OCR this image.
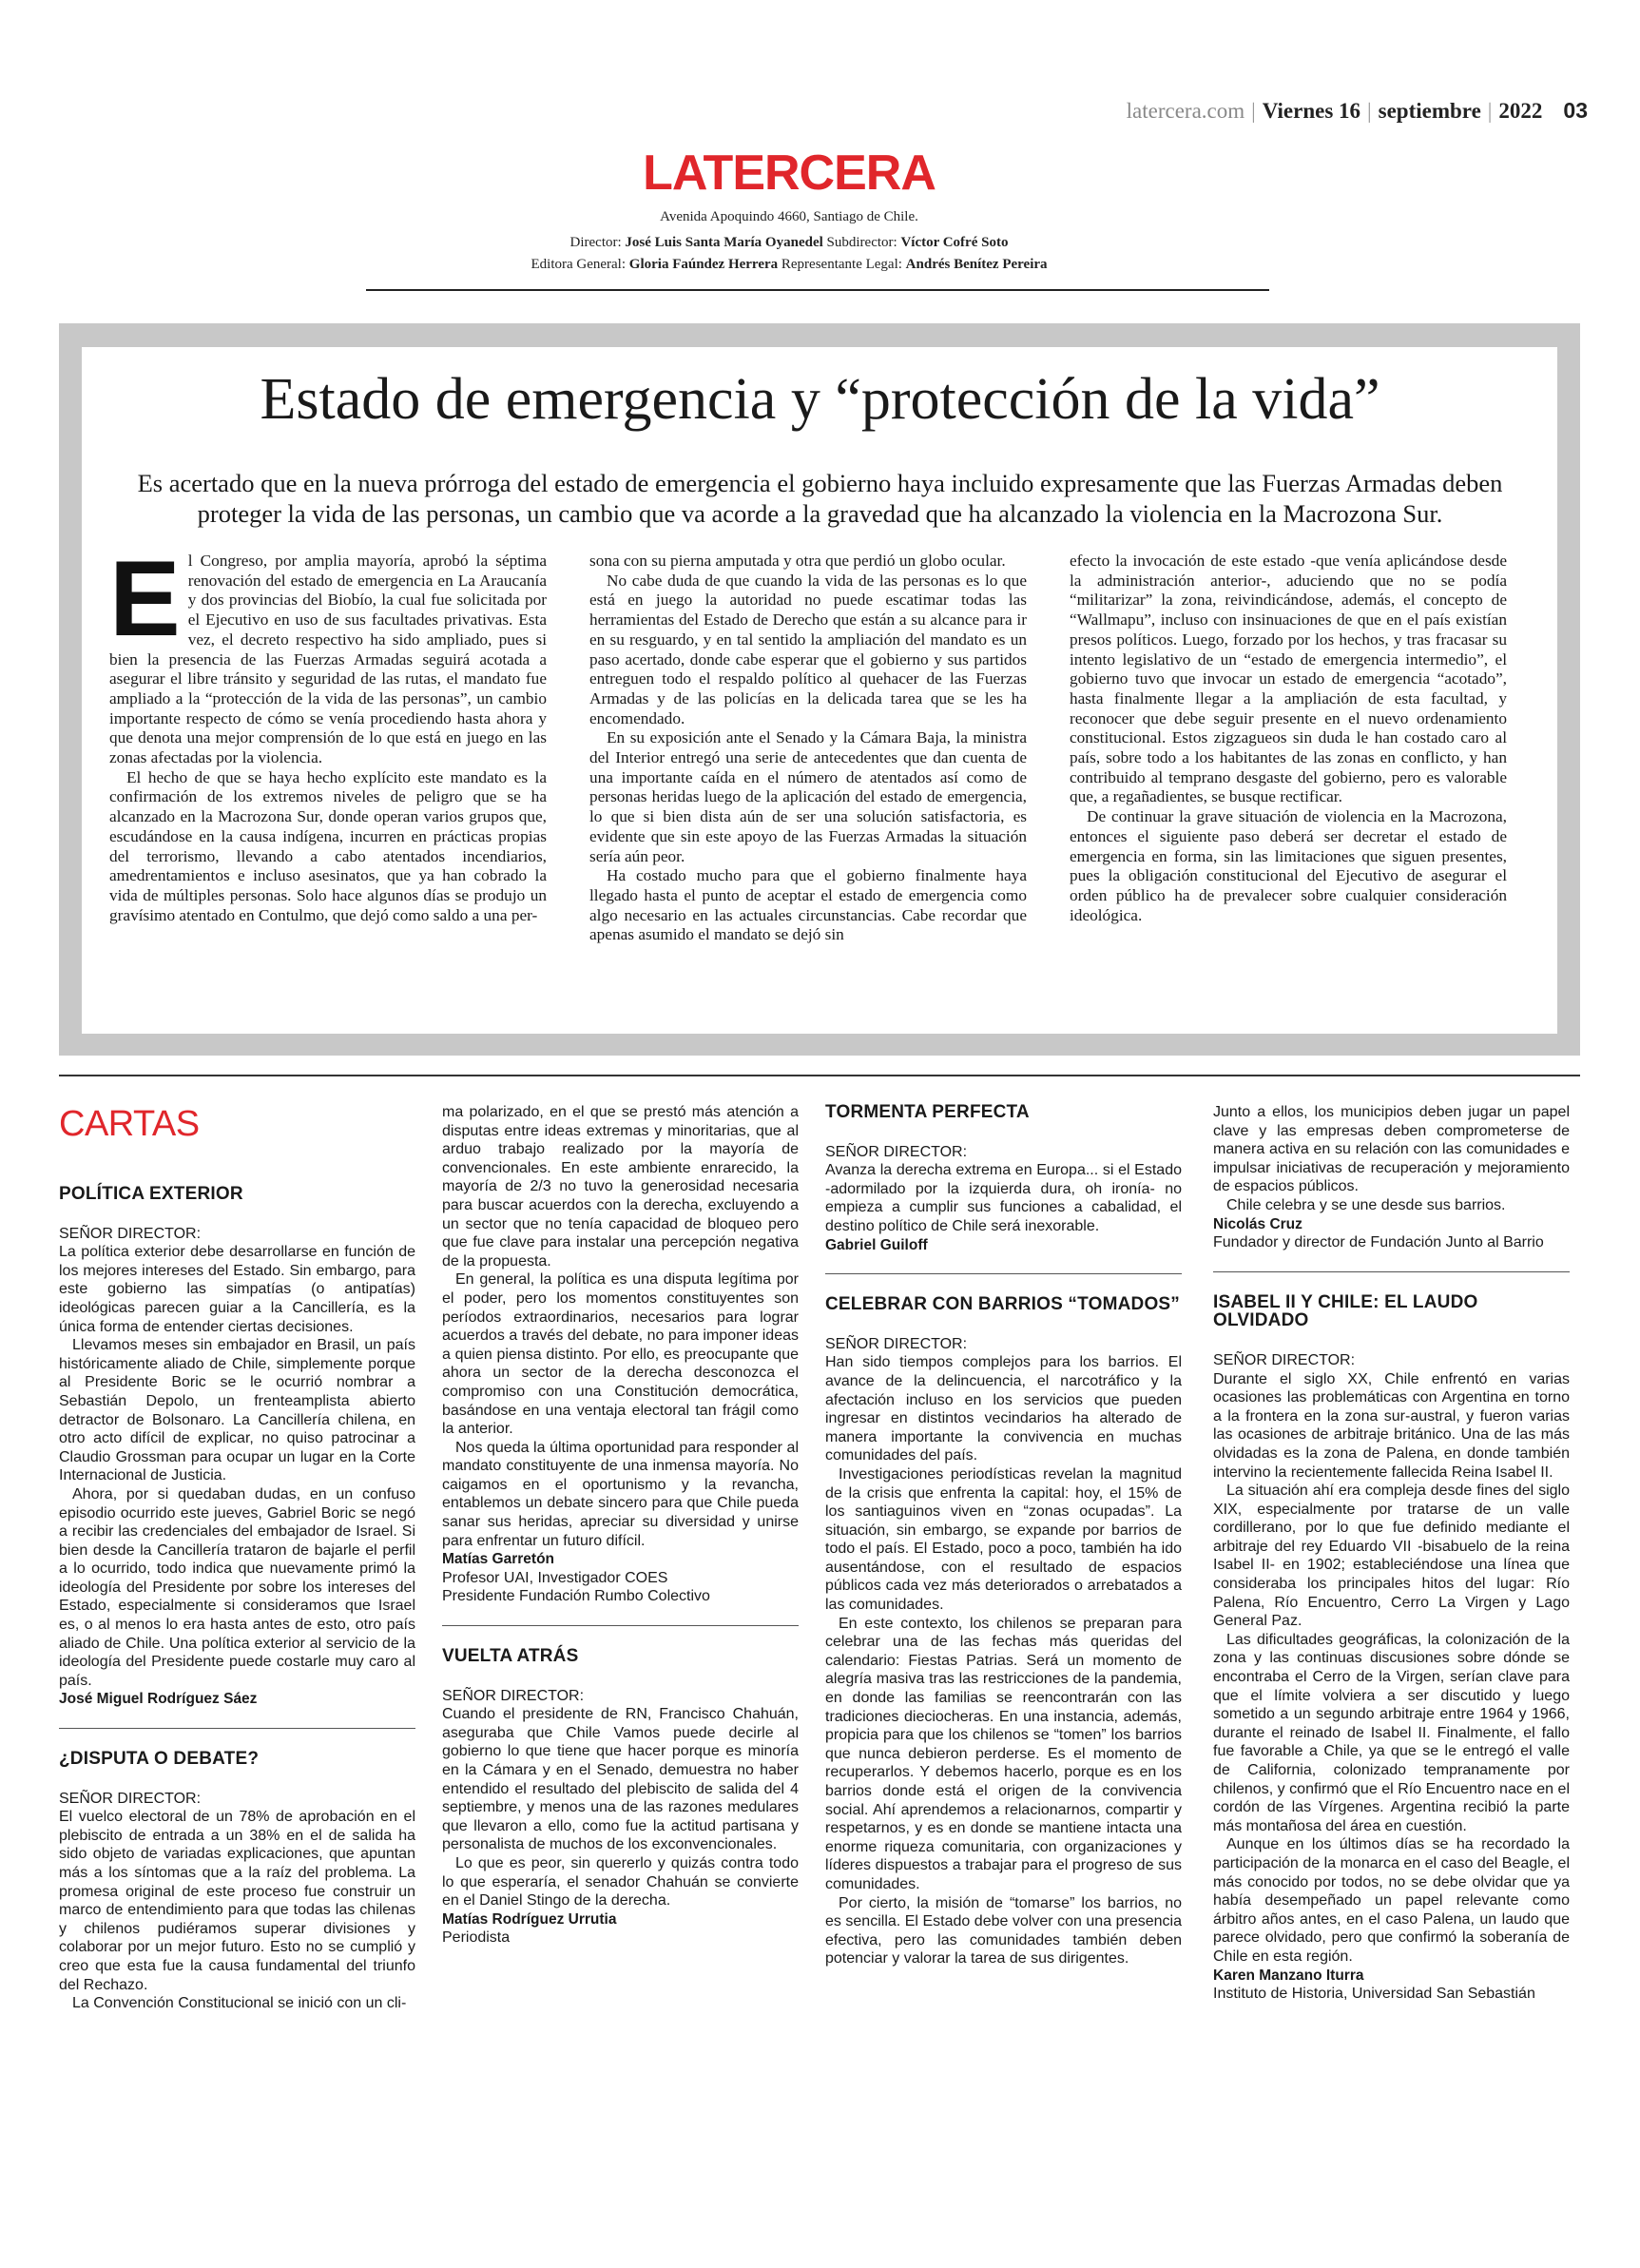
latercera.com | Viernes 16 | septiembre | 2022 03
LATERCERA
Avenida Apoquindo 4660, Santiago de Chile.
Director: José Luis Santa María Oyanedel Subdirector: Víctor Cofré Soto
Editora General: Gloria Faúndez Herrera Representante Legal: Andrés Benítez Pereira
Estado de emergencia y “protección de la vida”
Es acertado que en la nueva prórroga del estado de emergencia el gobierno haya incluido expresamente que las Fuerzas Armadas deben proteger la vida de las personas, un cambio que va acorde a la gravedad que ha alcanzado la violencia en la Macrozona Sur.

El Congreso, por amplia mayoría, aprobó la séptima renovación del estado de emergencia en La Araucanía y dos provincias del Biobío, la cual fue solicitada por el Ejecutivo en uso de sus facultades privativas. Esta vez, el decreto respectivo ha sido ampliado, pues si bien la presencia de las Fuerzas Armadas seguirá acotada a asegurar el libre tránsito y seguridad de las rutas, el mandato fue ampliado a la “protección de la vida de las personas”, un cambio importante respecto de cómo se venía procediendo hasta ahora y que denota una mejor comprensión de lo que está en juego en las zonas afectadas por la violencia.

El hecho de que se haya hecho explícito este mandato es la confirmación de los extremos niveles de peligro que se ha alcanzado en la Macrozona Sur, donde operan varios grupos que, escudándose en la causa indígena, incurren en prácticas propias del terrorismo, llevando a cabo atentados incendiarios, amedrentamientos e incluso asesinatos, que ya han cobrado la vida de múltiples personas. Solo hace algunos días se produjo un gravísimo atentado en Contulmo, que dejó como saldo a una per-

sona con su pierna amputada y otra que perdió un globo ocular.

No cabe duda de que cuando la vida de las personas es lo que está en juego la autoridad no puede escatimar todas las herramientas del Estado de Derecho que están a su alcance para ir en su resguardo, y en tal sentido la ampliación del mandato es un paso acertado, donde cabe esperar que el gobierno y sus partidos entreguen todo el respaldo político al quehacer de las Fuerzas Armadas y de las policías en la delicada tarea que se les ha encomendado.

En su exposición ante el Senado y la Cámara Baja, la ministra del Interior entregó una serie de antecedentes que dan cuenta de una importante caída en el número de atentados así como de personas heridas luego de la aplicación del estado de emergencia, lo que si bien dista aún de ser una solución satisfactoria, es evidente que sin este apoyo de las Fuerzas Armadas la situación sería aún peor.

Ha costado mucho para que el gobierno finalmente haya llegado hasta el punto de aceptar el estado de emergencia como algo necesario en las actuales circunstancias. Cabe recordar que apenas asumido el mandato se dejó sin

efecto la invocación de este estado -que venía aplicándose desde la administración anterior-, aduciendo que no se podía “militarizar” la zona, reivindicándose, además, el concepto de “Wallmapu”, incluso con insinuaciones de que en el país existían presos políticos. Luego, forzado por los hechos, y tras fracasar su intento legislativo de un “estado de emergencia intermedio”, el gobierno tuvo que invocar un estado de emergencia “acotado”, hasta finalmente llegar a la ampliación de esta facultad, y reconocer que debe seguir presente en el nuevo ordenamiento constitucional. Estos zigzagueos sin duda le han costado caro al país, sobre todo a los habitantes de las zonas en conflicto, y han contribuido al temprano desgaste del gobierno, pero es valorable que, a regañadientes, se busque rectificar.

De continuar la grave situación de violencia en la Macrozona, entonces el siguiente paso deberá ser decretar el estado de emergencia en forma, sin las limitaciones que siguen presentes, pues la obligación constitucional del Ejecutivo de asegurar el orden público ha de prevalecer sobre cualquier consideración ideológica.

CARTAS
POLÍTICA EXTERIOR

SEÑOR DIRECTOR:

La política exterior debe desarrollarse en función de los mejores intereses del Estado. Sin embargo, para este gobierno las simpatías (o antipatías) ideológicas parecen guiar a la Cancillería, es la única forma de entender ciertas decisiones.

Llevamos meses sin embajador en Brasil, un país históricamente aliado de Chile, simplemente porque al Presidente Boric se le ocurrió nombrar a Sebastián Depolo, un frenteamplista abierto detractor de Bolsonaro. La Cancillería chilena, en otro acto difícil de explicar, no quiso patrocinar a Claudio Grossman para ocupar un lugar en la Corte Internacional de Justicia.

Ahora, por si quedaban dudas, en un confuso episodio ocurrido este jueves, Gabriel Boric se negó a recibir las credenciales del embajador de Israel. Si bien desde la Cancillería trataron de bajarle el perfil a lo ocurrido, todo indica que nuevamente primó la ideología del Presidente por sobre los intereses del Estado, especialmente si consideramos que Israel es, o al menos lo era hasta antes de esto, otro país aliado de Chile. Una política exterior al servicio de la ideología del Presidente puede costarle muy caro al país.

José Miguel Rodríguez Sáez

¿DISPUTA O DEBATE?

SEÑOR DIRECTOR:

El vuelco electoral de un 78% de aprobación en el plebiscito de entrada a un 38% en el de salida ha sido objeto de variadas explicaciones, que apuntan más a los síntomas que a la raíz del problema. La promesa original de este proceso fue construir un marco de entendimiento para que todas las chilenas y chilenos pudiéramos superar divisiones y colaborar por un mejor futuro. Esto no se cumplió y creo que esta fue la causa fundamental del triunfo del Rechazo.

La Convención Constitucional se inició con un cli-

ma polarizado, en el que se prestó más atención a disputas entre ideas extremas y minoritarias, que al arduo trabajo realizado por la mayoría de convencionales. En este ambiente enrarecido, la mayoría de 2/3 no tuvo la generosidad necesaria para buscar acuerdos con la derecha, excluyendo a un sector que no tenía capacidad de bloqueo pero que fue clave para instalar una percepción negativa de la propuesta.

En general, la política es una disputa legítima por el poder, pero los momentos constituyentes son períodos extraordinarios, necesarios para lograr acuerdos a través del debate, no para imponer ideas a quien piensa distinto. Por ello, es preocupante que ahora un sector de la derecha desconozca el compromiso con una Constitución democrática, basándose en una ventaja electoral tan frágil como la anterior.

Nos queda la última oportunidad para responder al mandato constituyente de una inmensa mayoría. No caigamos en el oportunismo y la revancha, entablemos un debate sincero para que Chile pueda sanar sus heridas, apreciar su diversidad y unirse para enfrentar un futuro difícil.

Matías Garretón

Profesor UAI, Investigador COES

Presidente Fundación Rumbo Colectivo

VUELTA ATRÁS

SEÑOR DIRECTOR:

Cuando el presidente de RN, Francisco Chahuán, aseguraba que Chile Vamos puede decirle al gobierno lo que tiene que hacer porque es minoría en la Cámara y en el Senado, demuestra no haber entendido el resultado del plebiscito de salida del 4 septiembre, y menos una de las razones medulares que llevaron a ello, como fue la actitud partisana y personalista de muchos de los exconvencionales.

Lo que es peor, sin quererlo y quizás contra todo lo que esperaría, el senador Chahuán se convierte en el Daniel Stingo de la derecha.

Matías Rodríguez Urrutia

Periodista

TORMENTA PERFECTA

SEÑOR DIRECTOR:

Avanza la derecha extrema en Europa... si el Estado -adormilado por la izquierda dura, oh ironía- no empieza a cumplir sus funciones a cabalidad, el destino político de Chile será inexorable.

Gabriel Guiloff

CELEBRAR CON BARRIOS “TOMADOS”

SEÑOR DIRECTOR:

Han sido tiempos complejos para los barrios. El avance de la delincuencia, el narcotráfico y la afectación incluso en los servicios que pueden ingresar en distintos vecindarios ha alterado de manera importante la convivencia en muchas comunidades del país.

Investigaciones periodísticas revelan la magnitud de la crisis que enfrenta la capital: hoy, el 15% de los santiaguinos viven en “zonas ocupadas”. La situación, sin embargo, se expande por barrios de todo el país. El Estado, poco a poco, también ha ido ausentándose, con el resultado de espacios públicos cada vez más deteriorados o arrebatados a las comunidades.

En este contexto, los chilenos se preparan para celebrar una de las fechas más queridas del calendario: Fiestas Patrias. Será un momento de alegría masiva tras las restricciones de la pandemia, en donde las familias se reencontrarán con las tradiciones dieciocheras. En una instancia, además, propicia para que los chilenos se “tomen” los barrios que nunca debieron perderse. Es el momento de recuperarlos. Y debemos hacerlo, porque es en los barrios donde está el origen de la convivencia social. Ahí aprendemos a relacionarnos, compartir y respetarnos, y es en donde se mantiene intacta una enorme riqueza comunitaria, con organizaciones y líderes dispuestos a trabajar para el progreso de sus comunidades.

Por cierto, la misión de “tomarse” los barrios, no es sencilla. El Estado debe volver con una presencia efectiva, pero las comunidades también deben potenciar y valorar la tarea de sus dirigentes.

Junto a ellos, los municipios deben jugar un papel clave y las empresas deben comprometerse de manera activa en su relación con las comunidades e impulsar iniciativas de recuperación y mejoramiento de espacios públicos.

Chile celebra y se une desde sus barrios.

Nicolás Cruz

Fundador y director de Fundación Junto al Barrio

ISABEL II Y CHILE: EL LAUDO OLVIDADO

SEÑOR DIRECTOR:

Durante el siglo XX, Chile enfrentó en varias ocasiones las problemáticas con Argentina en torno a la frontera en la zona sur-austral, y fueron varias las ocasiones de arbitraje británico. Una de las más olvidadas es la zona de Palena, en donde también intervino la recientemente fallecida Reina Isabel II.

La situación ahí era compleja desde fines del siglo XIX, especialmente por tratarse de un valle cordillerano, por lo que fue definido mediante el arbitraje del rey Eduardo VII -bisabuelo de la reina Isabel II- en 1902; estableciéndose una línea que consideraba los principales hitos del lugar: Río Palena, Río Encuentro, Cerro La Virgen y Lago General Paz.

Las dificultades geográficas, la colonización de la zona y las continuas discusiones sobre dónde se encontraba el Cerro de la Virgen, serían clave para que el límite volviera a ser discutido y luego sometido a un segundo arbitraje entre 1964 y 1966, durante el reinado de Isabel II. Finalmente, el fallo fue favorable a Chile, ya que se le entregó el valle de California, colonizado tempranamente por chilenos, y confirmó que el Río Encuentro nace en el cordón de las Vírgenes. Argentina recibió la parte más montañosa del área en cuestión.

Aunque en los últimos días se ha recordado la participación de la monarca en el caso del Beagle, el más conocido por todos, no se debe olvidar que ya había desempeñado un papel relevante como árbitro años antes, en el caso Palena, un laudo que parece olvidado, pero que confirmó la soberanía de Chile en esta región.

Karen Manzano Iturra

Instituto de Historia, Universidad San Sebastián
